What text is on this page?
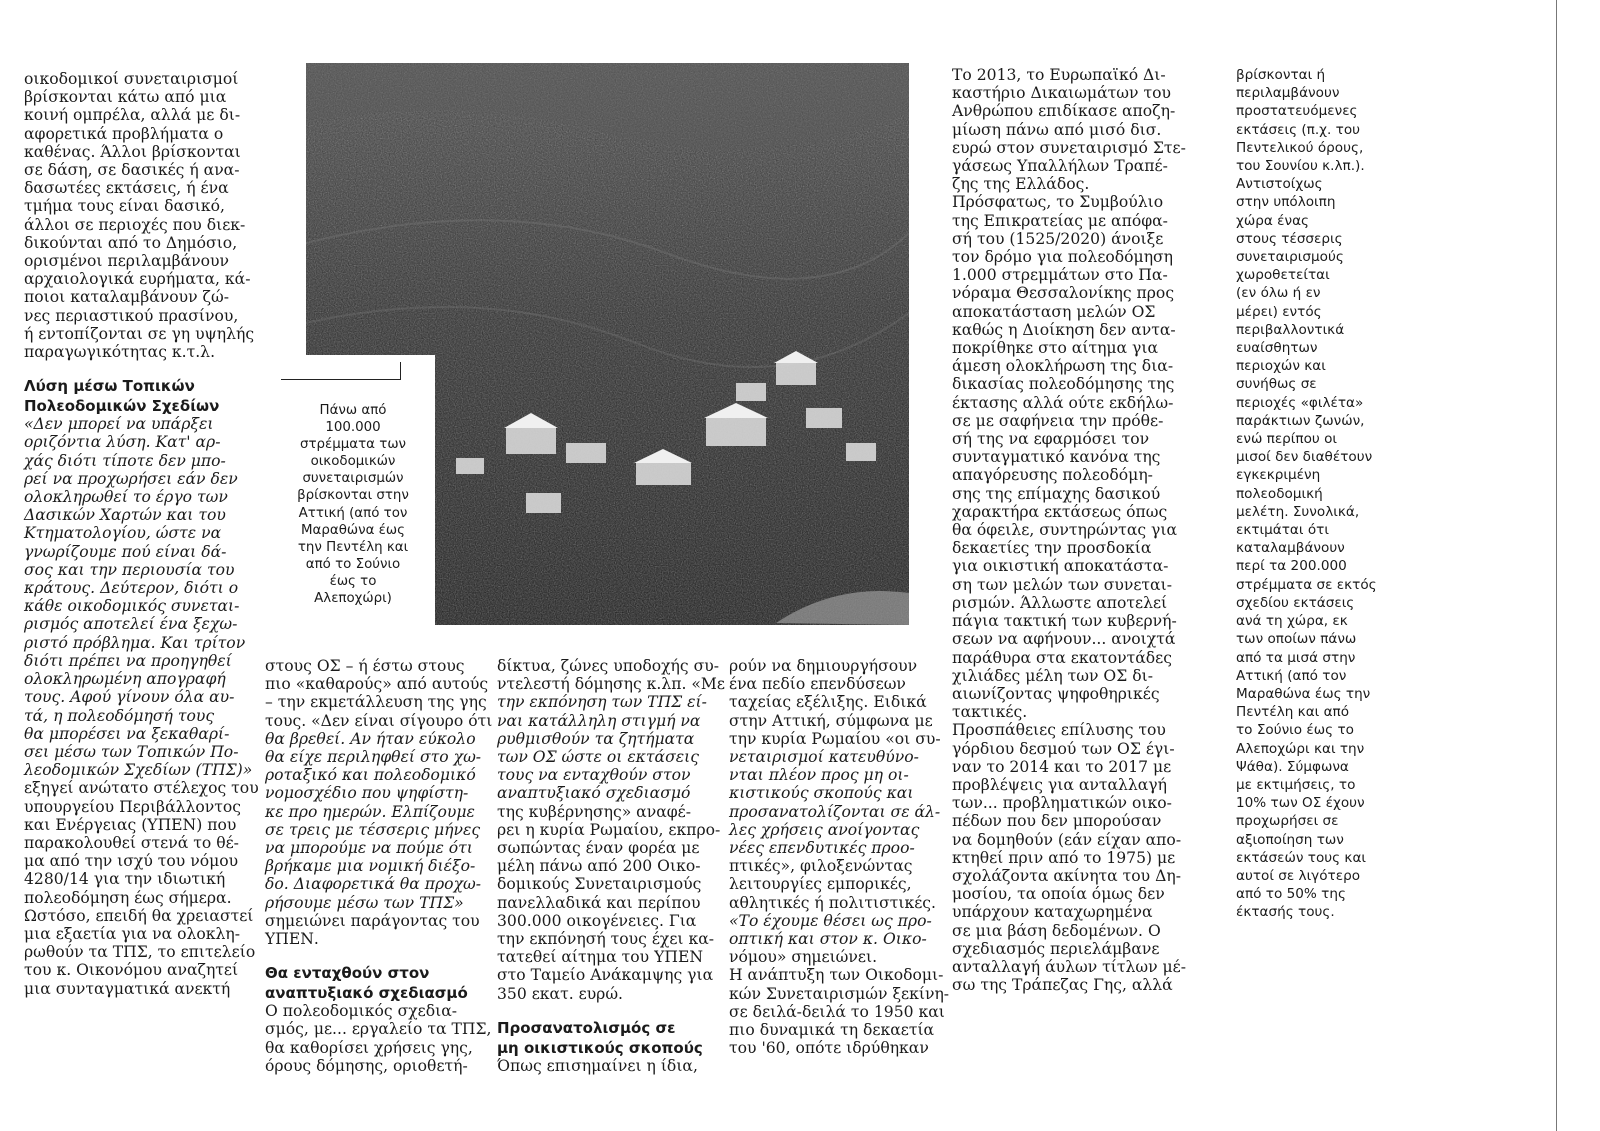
Πάνω από
100.000
στρέμματα των
οικοδομικών
συνεταιρισμών
βρίσκονται στην
Αττική (από τον
Μαραθώνα έως
την Πεντέλη και
από το Σούνιο
έως το
Αλεποχώρι)
οικοδομικοί συνεταιρισμοί
βρίσκονται κάτω από μια
κοινή ομπρέλα, αλλά με δι-
αφορετικά προβλήματα ο
καθένας. Άλλοι βρίσκονται
σε δάση, σε δασικές ή ανα-
δασωτέες εκτάσεις, ή ένα
τμήμα τους είναι δασικό,
άλλοι σε περιοχές που διεκ-
δικούνται από το Δημόσιο,
ορισμένοι περιλαμβάνουν
αρχαιολογικά ευρήματα, κά-
ποιοι καταλαμβάνουν ζώ-
νες περιαστικού πρασίνου,
ή εντοπίζονται σε γη υψηλής
παραγωγικότητας κ.τ.λ.
Λύση μέσω Τοπικών
Πολεοδομικών Σχεδίων
«Δεν μπορεί να υπάρξει
οριζόντια λύση. Κατ' αρ-
χάς διότι τίποτε δεν μπο-
ρεί να προχωρήσει εάν δεν
ολοκληρωθεί το έργο των
Δασικών Χαρτών και του
Κτηματολογίου, ώστε να
γνωρίζουμε πού είναι δά-
σος και την περιουσία του
κράτους. Δεύτερον, διότι ο
κάθε οικοδομικός συνεται-
ρισμός αποτελεί ένα ξεχω-
ριστό πρόβλημα. Και τρίτον
διότι πρέπει να προηγηθεί
ολοκληρωμένη απογραφή
τους. Αφού γίνουν όλα αυ-
τά, η πολεοδόμησή τους
θα μπορέσει να ξεκαθαρί-
σει μέσω των Τοπικών Πο-
λεοδομικών Σχεδίων (ΤΠΣ)»
εξηγεί ανώτατο στέλεχος του
υπουργείου Περιβάλλοντος
και Ενέργειας (ΥΠΕΝ) που
παρακολουθεί στενά το θέ-
μα από την ισχύ του νόμου
4280/14 για την ιδιωτική
πολεοδόμηση έως σήμερα.
Ωστόσο, επειδή θα χρειαστεί
μια εξαετία για να ολοκλη-
ρωθούν τα ΤΠΣ, το επιτελείο
του κ. Οικονόμου αναζητεί
μια συνταγματικά ανεκτή
στους ΟΣ – ή έστω στους
πιο «καθαρούς» από αυτούς
– την εκμετάλλευση της γης
τους. «Δεν είναι σίγουρο ότι
θα βρεθεί. Αν ήταν εύκολο
θα είχε περιληφθεί στο χω-
ροταξικό και πολεοδομικό
νομοσχέδιο που ψηφίστη-
κε προ ημερών. Ελπίζουμε
σε τρεις με τέσσερις μήνες
να μπορούμε να πούμε ότι
βρήκαμε μια νομική διέξο-
δο. Διαφορετικά θα προχω-
ρήσουμε μέσω των ΤΠΣ»
σημειώνει παράγοντας του
ΥΠΕΝ.
Θα ενταχθούν στον
αναπτυξιακό σχεδιασμό
Ο πολεοδομικός σχεδια-
σμός, με... εργαλείο τα ΤΠΣ,
θα καθορίσει χρήσεις γης,
όρους δόμησης, οριοθετή-
δίκτυα, ζώνες υποδοχής συ-
ντελεστή δόμησης κ.λπ. «Με
την εκπόνηση των ΤΠΣ εί-
ναι κατάλληλη στιγμή να
ρυθμισθούν τα ζητήματα
των ΟΣ ώστε οι εκτάσεις
τους να ενταχθούν στον
αναπτυξιακό σχεδιασμό
της κυβέρνησης» αναφέ-
ρει η κυρία Ρωμαίου, εκπρο-
σωπώντας έναν φορέα με
μέλη πάνω από 200 Οικο-
δομικούς Συνεταιρισμούς
πανελλαδικά και περίπου
300.000 οικογένειες. Για
την εκπόνησή τους έχει κα-
τατεθεί αίτημα του ΥΠΕΝ
στο Ταμείο Ανάκαμψης για
350 εκατ. ευρώ.
Προσανατολισμός σε
μη οικιστικούς σκοπούς
Όπως επισημαίνει η ίδια,
ρούν να δημιουργήσουν
ένα πεδίο επενδύσεων
ταχείας εξέλιξης. Ειδικά
στην Αττική, σύμφωνα με
την κυρία Ρωμαίου «οι συ-
νεταιρισμοί κατευθύνο-
νται πλέον προς μη οι-
κιστικούς σκοπούς και
προσανατολίζονται σε άλ-
λες χρήσεις ανοίγοντας
νέες επενδυτικές προο-
πτικές», φιλοξενώντας
λειτουργίες εμπορικές,
αθλητικές ή πολιτιστικές.
«Το έχουμε θέσει ως προ-
οπτική και στον κ. Οικο-
νόμου» σημειώνει.
Η ανάπτυξη των Οικοδομι-
κών Συνεταιρισμών ξεκίνη-
σε δειλά-δειλά το 1950 και
πιο δυναμικά τη δεκαετία
του '60, οπότε ιδρύθηκαν
Το 2013, το Ευρωπαϊκό Δι-
καστήριο Δικαιωμάτων του
Ανθρώπου επιδίκασε αποζη-
μίωση πάνω από μισό δισ.
ευρώ στον συνεταιρισμό Στε-
γάσεως Υπαλλήλων Τραπέ-
ζης της Ελλάδος.
Πρόσφατως, το Συμβούλιο
της Επικρατείας με απόφα-
σή του (1525/2020) άνοιξε
τον δρόμο για πολεοδόμηση
1.000 στρεμμάτων στο Πα-
νόραμα Θεσσαλονίκης προς
αποκατάσταση μελών ΟΣ
καθώς η Διοίκηση δεν αντα-
ποκρίθηκε στο αίτημα για
άμεση ολοκλήρωση της δια-
δικασίας πολεοδόμησης της
έκτασης αλλά ούτε εκδήλω-
σε με σαφήνεια την πρόθε-
σή της να εφαρμόσει τον
συνταγματικό κανόνα της
απαγόρευσης πολεοδόμη-
σης της επίμαχης δασικού
χαρακτήρα εκτάσεως όπως
θα όφειλε, συντηρώντας για
δεκαετίες την προσδοκία
για οικιστική αποκατάστα-
ση των μελών των συνεται-
ρισμών. Άλλωστε αποτελεί
πάγια τακτική των κυβερνή-
σεων να αφήνουν... ανοιχτά
παράθυρα στα εκατοντάδες
χιλιάδες μέλη των ΟΣ δι-
αιωνίζοντας ψηφοθηρικές
τακτικές.
Προσπάθειες επίλυσης του
γόρδιου δεσμού των ΟΣ έγι-
ναν το 2014 και το 2017 με
προβλέψεις για ανταλλαγή
των... προβληματικών οικο-
πέδων που δεν μπορούσαν
να δομηθούν (εάν είχαν απο-
κτηθεί πριν από το 1975) με
σχολάζοντα ακίνητα του Δη-
μοσίου, τα οποία όμως δεν
υπάρχουν καταχωρημένα
σε μια βάση δεδομένων. Ο
σχεδιασμός περιελάμβανε
ανταλλαγή άυλων τίτλων μέ-
σω της Τράπεζας Γης, αλλά
βρίσκονται ή
περιλαμβάνουν
προστατευόμενες
εκτάσεις (π.χ. του
Πεντελικού όρους,
του Σουνίου κ.λπ.).
Αντιστοίχως
στην υπόλοιπη
χώρα ένας
στους τέσσερις
συνεταιρισμούς
χωροθετείται
(εν όλω ή εν
μέρει) εντός
περιβαλλοντικά
ευαίσθητων
περιοχών και
συνήθως σε
περιοχές «φιλέτα»
παράκτιων ζωνών,
ενώ περίπου οι
μισοί δεν διαθέτουν
εγκεκριμένη
πολεοδομική
μελέτη. Συνολικά,
εκτιμάται ότι
καταλαμβάνουν
περί τα 200.000
στρέμματα σε εκτός
σχεδίου εκτάσεις
ανά τη χώρα, εκ
των οποίων πάνω
από τα μισά στην
Αττική (από τον
Μαραθώνα έως την
Πεντέλη και από
το Σούνιο έως το
Αλεποχώρι και την
Ψάθα). Σύμφωνα
με εκτιμήσεις, το
10% των ΟΣ έχουν
προχωρήσει σε
αξιοποίηση των
εκτάσεών τους και
αυτοί σε λιγότερο
από το 50% της
έκτασής τους.
